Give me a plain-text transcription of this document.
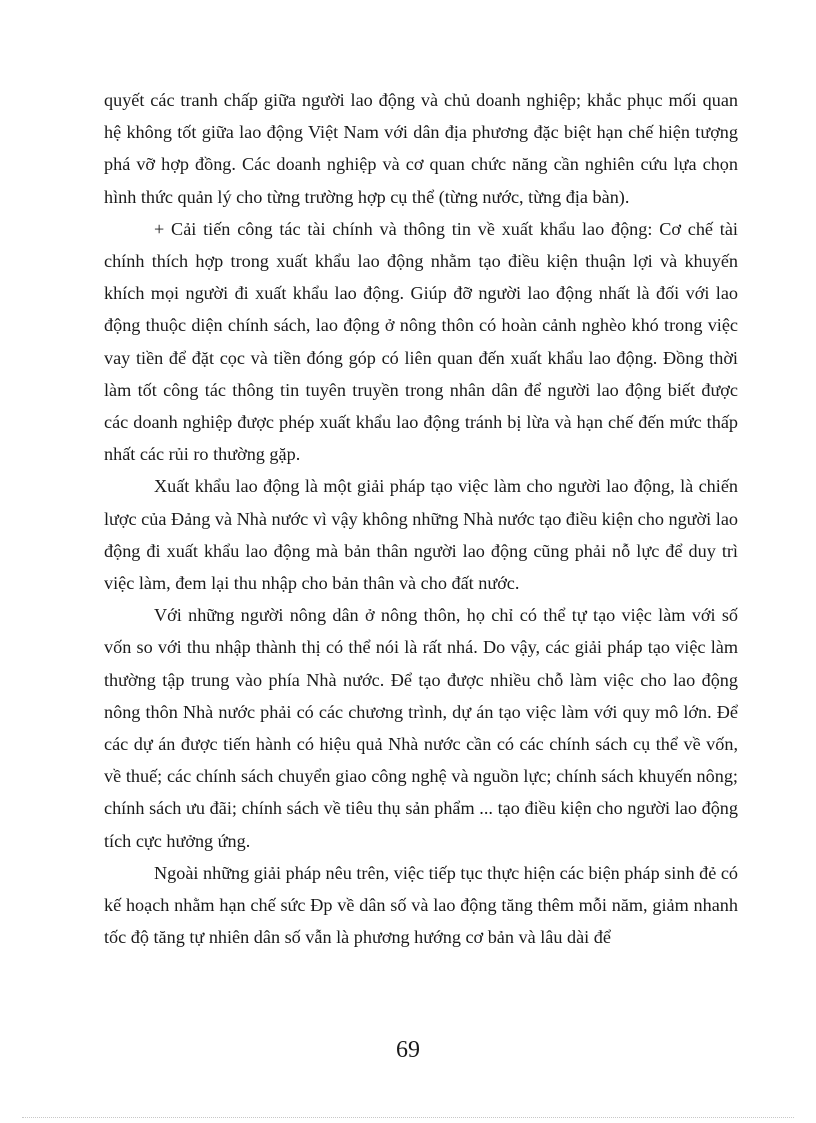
quyết các tranh chấp giữa người lao động và chủ doanh nghiệp; khắc phục mối quan hệ không tốt giữa lao động Việt Nam với dân địa phương đặc biệt hạn chế hiện tượng phá vỡ hợp đồng. Các doanh nghiệp và cơ quan chức năng cần nghiên cứu lựa chọn hình thức quản lý cho từng trường hợp cụ thể (từng nước, từng địa bàn).

+ Cải tiến công tác tài chính và thông tin về xuất khẩu lao động: Cơ chế tài chính thích hợp trong xuất khẩu lao động nhằm tạo điều kiện thuận lợi và khuyến khích mọi người đi xuất khẩu lao động. Giúp đỡ người lao động nhất là đối với lao động thuộc diện chính sách, lao động ở nông thôn có hoàn cảnh nghèo khó trong việc vay tiền để đặt cọc và tiền đóng góp có liên quan đến xuất khẩu lao động. Đồng thời làm tốt công tác thông tin tuyên truyền trong nhân dân để người lao động biết được các doanh nghiệp được phép xuất khẩu lao động tránh bị lừa và hạn chế đến mức thấp nhất các rủi ro thường gặp.

Xuất khẩu lao động là một giải pháp tạo việc làm cho người lao động, là chiến lược của Đảng và Nhà nước vì vậy không những Nhà nước tạo điều kiện cho người lao động đi xuất khẩu lao động mà bản thân người lao động cũng phải nỗ lực để duy trì việc làm, đem lại thu nhập cho bản thân và cho đất nước.

Với những người nông dân ở nông thôn, họ chỉ có thể tự tạo việc làm với số vốn so với thu nhập thành thị có thể nói là rất nhá. Do vậy, các giải pháp tạo việc làm thường tập trung vào phía Nhà nước. Để tạo được nhiều chỗ làm việc cho lao động nông thôn Nhà nước phải có các chương trình, dự án tạo việc làm với quy mô lớn. Để các dự án được tiến hành có hiệu quả Nhà nước cần có các chính sách cụ thể về vốn, về thuế; các chính sách chuyển giao công nghệ và nguồn lực; chính sách khuyến nông; chính sách ưu đãi; chính sách về tiêu thụ sản phẩm ... tạo điều kiện cho người lao động tích cực hưởng ứng.

Ngoài những giải pháp nêu trên, việc tiếp tục thực hiện các biện pháp sinh đẻ có kế hoạch nhằm hạn chế sức Đp về dân số và lao động tăng thêm mỗi năm, giảm nhanh tốc độ tăng tự nhiên dân số vẫn là phương hướng cơ bản và lâu dài để

69
